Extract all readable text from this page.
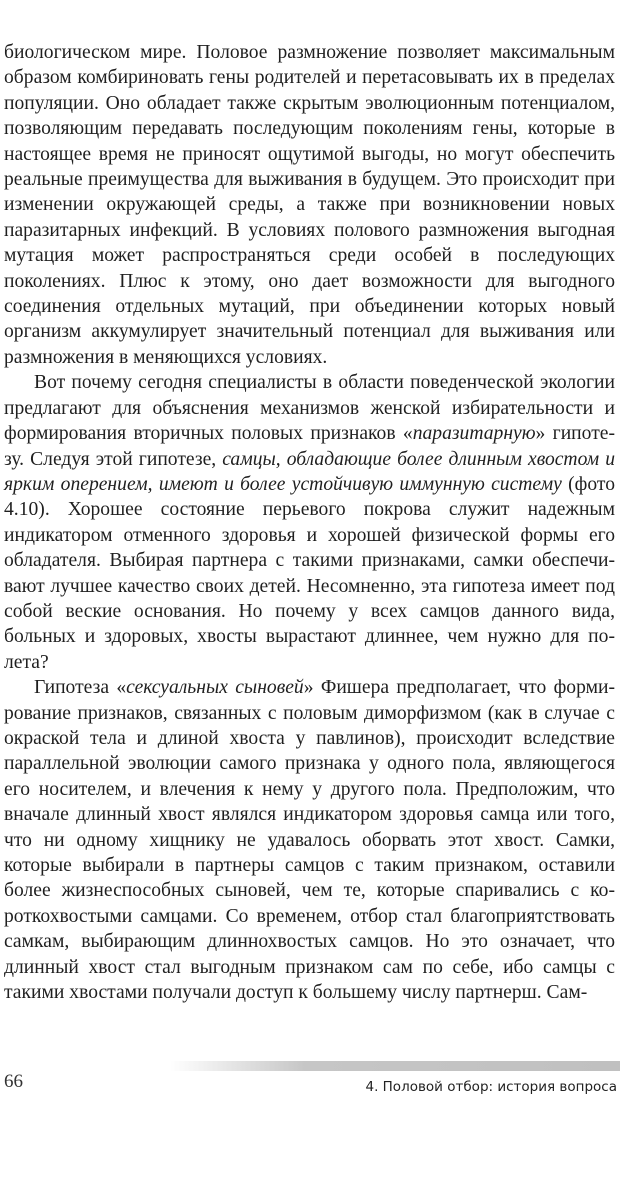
биологическом мире. Половое размножение позволяет максимальным образом комбириновать гены родителей и перетасовывать их в пределах популяции. Оно обладает также скрытым эволюционным потенциалом, позволяющим передавать последующим поколениям гены, которые в настоящее время не приносят ощутимой выгоды, но могут обеспечить реальные преимущества для выживания в будущем. Это происходит при изменении окружающей среды, а также при возникновении новых паразитарных инфекций. В условиях полового размножения выгодная мутация может распространяться среди особей в последующих поколениях. Плюс к этому, оно дает возможности для выгодного соединения отдельных мутаций, при объединении которых новый организм аккумулирует значительный потенциал для выживания или размножения в меняющихся условиях.

Вот почему сегодня специалисты в области поведенческой экологии предлагают для объяснения механизмов женской избирательности и формирования вторичных половых признаков «паразитарную» гипотезу. Следуя этой гипотезе, самцы, обладающие более длинным хвостом и ярким оперением, имеют и более устойчивую иммунную систему (фото 4.10). Хорошее состояние перьевого покрова служит надежным индикатором отменного здоровья и хорошей физической формы его обладателя. Выбирая партнера с такими признаками, самки обеспечивают лучшее качество своих детей. Несомненно, эта гипотеза имеет под собой веские основания. Но почему у всех самцов данного вида, больных и здоровых, хвосты вырастают длиннее, чем нужно для полета?

Гипотеза «сексуальных сыновей» Фишера предполагает, что формирование признаков, связанных с половым диморфизмом (как в случае с окраской тела и длиной хвоста у павлинов), происходит вследствие параллельной эволюции самого признака у одного пола, являющегося его носителем, и влечения к нему у другого пола. Предположим, что вначале длинный хвост являлся индикатором здоровья самца или того, что ни одному хищнику не удавалось оборвать этот хвост. Самки, которые выбирали в партнеры самцов с таким признаком, оставили более жизнеспособных сыновей, чем те, которые спаривались с короткохвостыми самцами. Со временем, отбор стал благоприятствовать самкам, выбирающим длиннохвостых самцов. Но это означает, что длинный хвост стал выгодным признаком сам по себе, ибо самцы с такими хвостами получали доступ к большему числу партнерш. Сам-

66	4. Половой отбор: история вопроса
